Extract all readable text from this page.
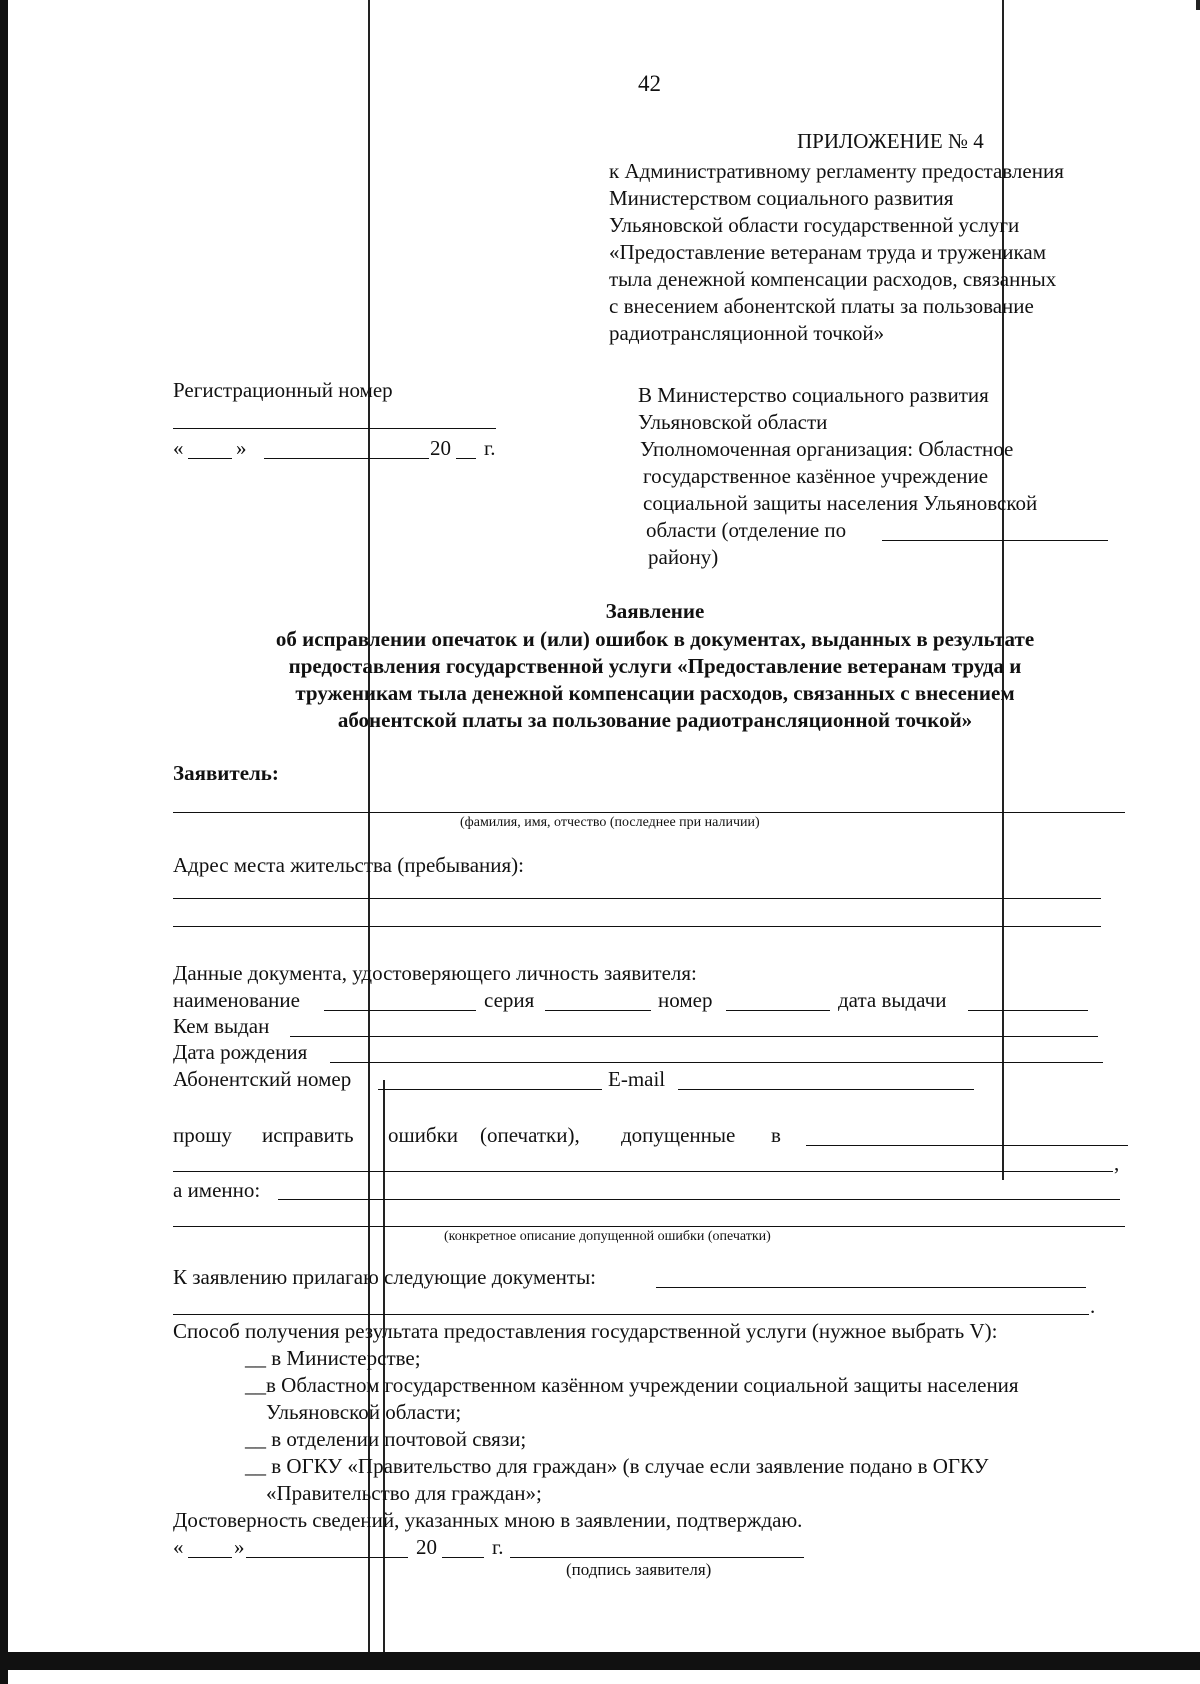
42
ПРИЛОЖЕНИЕ № 4
к Административному регламенту предоставления
Министерством социального развития
Ульяновской области государственной услуги
«Предоставление ветеранам труда и труженикам
тыла денежной компенсации расходов, связанных
с внесением абонентской платы за пользование
радиотрансляционной точкой»
Регистрационный номер
«	»	20 г.
В Министерство социального развития
Ульяновской области
Уполномоченная организация: Областное
государственное казённое учреждение
социальной защиты населения Ульяновской
области (отделение по
району)
Заявление
об исправлении опечаток и (или) ошибок в документах, выданных в результате
предоставления государственной услуги «Предоставление ветеранам труда и
труженикам тыла денежной компенсации расходов, связанных с внесением
абонентской платы за пользование радиотрансляционной точкой»
Заявитель:
(фамилия, имя, отчество (последнее при наличии)
Адрес места жительства (пребывания):
Данные документа, удостоверяющего личность заявителя:
наименование	серия	номер	дата выдачи
Кем выдан
Дата рождения
Абонентский номер	E-mail
прошу исправить ошибки (опечатки), допущенные в
,
а именно:
(конкретное описание допущенной ошибки (опечатки)
К заявлению прилагаю следующие документы:
.
Способ получения результата предоставления государственной услуги (нужное выбрать V):
__ в Министерстве;
__в Областном государственном казённом учреждении социальной защиты населения
Ульяновской области;
__ в отделении почтовой связи;
__ в ОГКУ «Правительство для граждан» (в случае если заявление подано в ОГКУ
«Правительство для граждан»;
Достоверность сведений, указанных мною в заявлении, подтверждаю.
« »	20	г.
(подпись заявителя)
